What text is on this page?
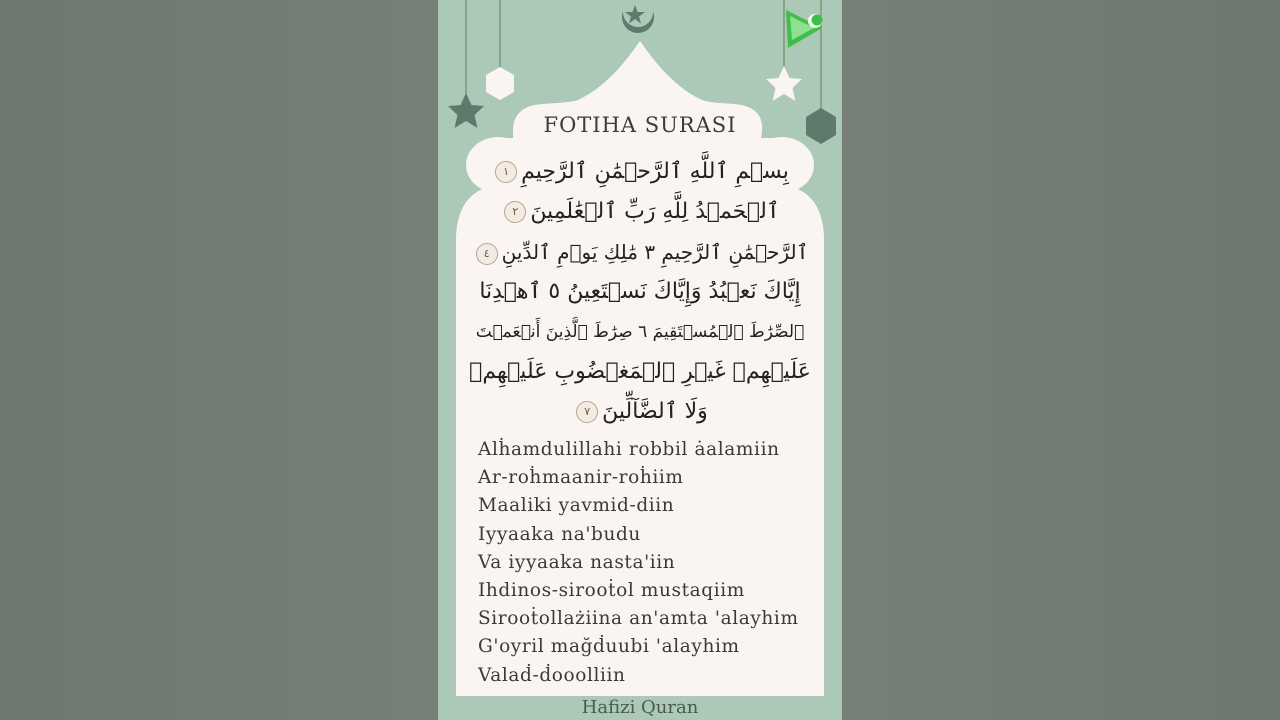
FOTIHA SURASI
بِسۡمِ ٱللَّهِ ٱلرَّحۡمَٰنِ ٱلرَّحِيمِ١
ٱلۡحَمۡدُ لِلَّهِ رَبِّ ٱلۡعَٰلَمِينَ٢
ٱلرَّحۡمَٰنِ ٱلرَّحِيمِ ٣ مَٰلِكِ يَوۡمِ ٱلدِّينِ٤
إِيَّاكَ نَعۡبُدُ وَإِيَّاكَ نَسۡتَعِينُ ٥ ٱهۡدِنَا
ٱلصِّرَٰطَ ٱلۡمُسۡتَقِيمَ ٦ صِرَٰطَ ٱلَّذِينَ أَنۡعَمۡتَ
عَلَيۡهِمۡ غَيۡرِ ٱلۡمَغۡضُوبِ عَلَيۡهِمۡ
وَلَا ٱلضَّآلِّينَ٧
Alḣamdulillahi robbil ȧalamiin
Ar-roḣmaanir-roḣiim
Maaliki yavmid-diin
Iyyaaka na'budu
Va iyyaaka nasta'iin
Ihdinos-sirooṫol mustaqiim
Sirooṫollażiina an'amta 'alayhim
G'oyril mağḋuubi 'alayhim
Valaḋ-ḋooolliin
Hafizi Quran
